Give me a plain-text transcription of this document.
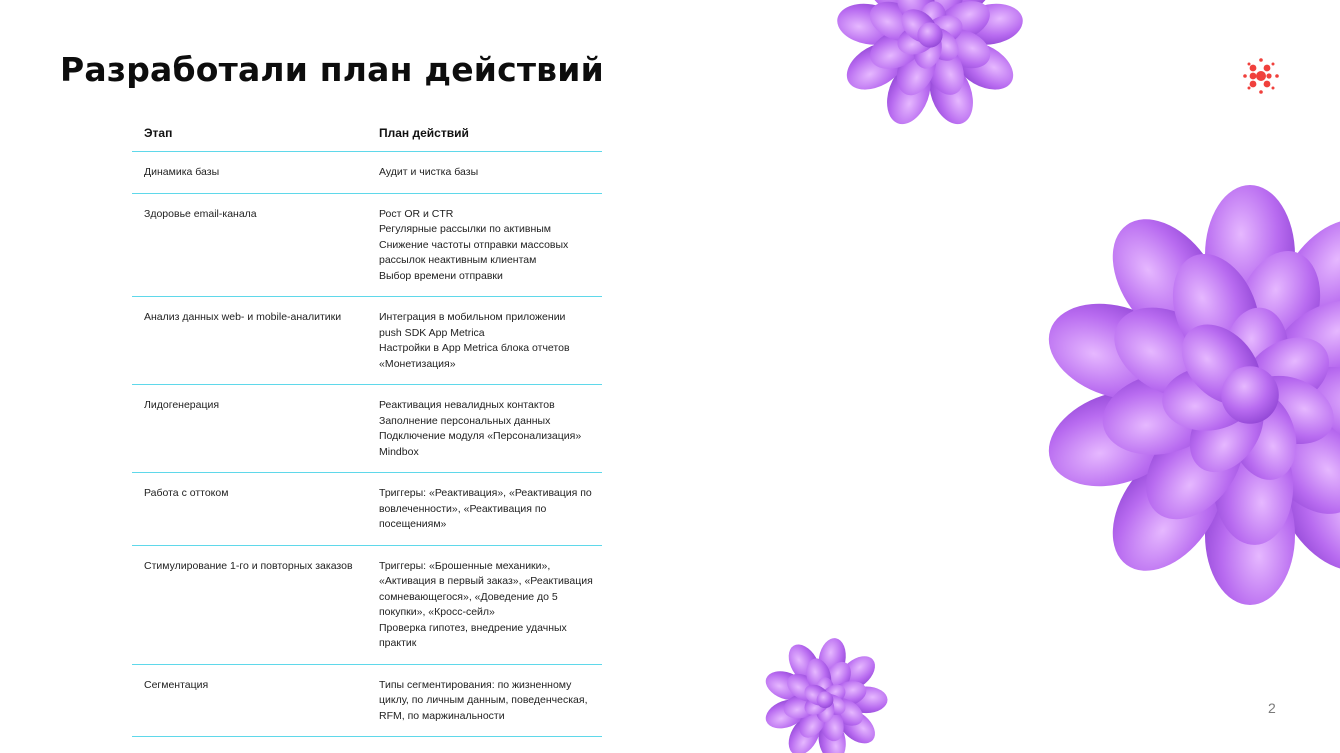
Разработали план действий
Этап	План действий
Динамика базы	Аудит и чистка базы
Здоровье email-канала	Рост OR и CTR
Регулярные рассылки по активным
Снижение частоты отправки массовых
рассылок неактивным клиентам
Выбор времени отправки
Анализ данных web- и mobile-аналитики	Интеграция в мобильном приложении
push SDK App Metrica
Настройки в App Metrica блока отчетов
«Монетизация»
Лидогенерация	Реактивация невалидных контактов
Заполнение персональных данных
Подключение модуля «Персонализация»
Mindbox
Работа с оттоком	Триггеры: «Реактивация», «Реактивация по
вовлеченности», «Реактивация по
посещениям»
Стимулирование 1-го и повторных заказов	Триггеры: «Брошенные механики»,
«Активация в первый заказ», «Реактивация
сомневающегося», «Доведение до 5
покупки», «Кросс-сейл»
Проверка гипотез, внедрение удачных
практик
Сегментация	Типы сегментирования: по жизненному
циклу, по личным данным, поведенческая,
RFM, по маржинальности	2
